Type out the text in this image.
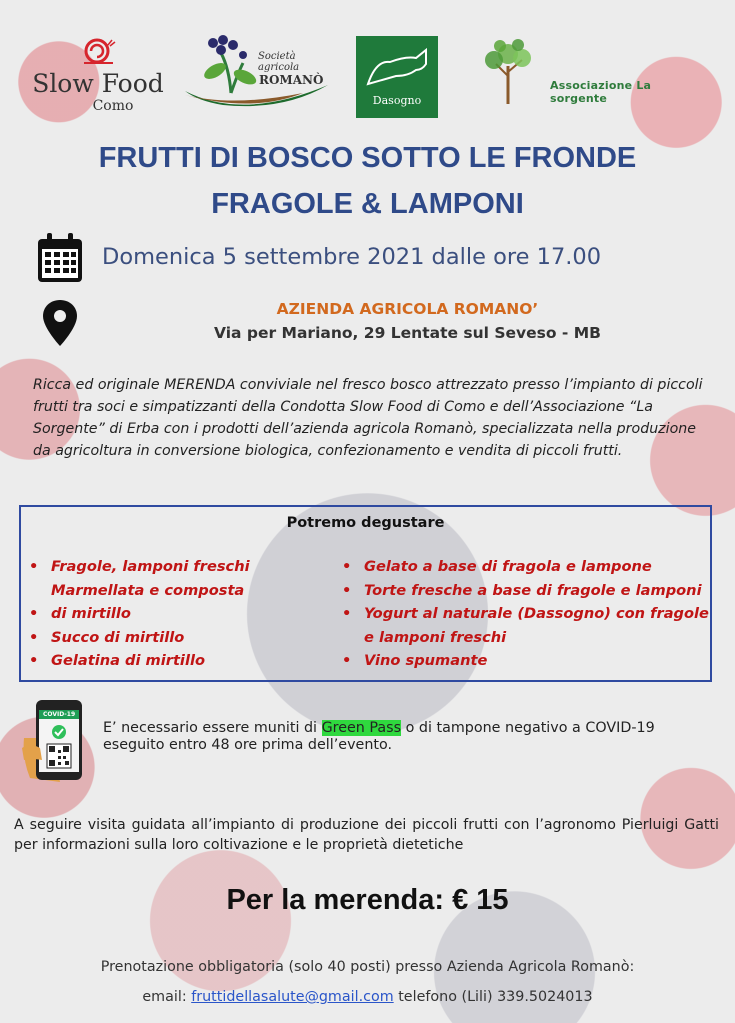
Slow Food
Como
Società agricola
ROMANÒ
Dasogno
Associazione La sorgente
FRUTTI DI BOSCO SOTTO LE FRONDE
FRAGOLE & LAMPONI
Domenica 5 settembre 2021 dalle ore 17.00
AZIENDA AGRICOLA ROMANO’
Via per Mariano, 29 Lentate sul Seveso - MB
Ricca ed originale MERENDA conviviale nel fresco bosco attrezzato presso l’impianto di piccoli frutti tra soci e simpatizzanti della Condotta Slow Food di Como e dell’Associazione “La Sorgente” di Erba con i prodotti dell’azienda agricola Romanò, specializzata nella produzione da agricoltura in conversione biologica, confezionamento e vendita di piccoli frutti.
Potremo degustare
• Fragole, lamponi freschi
Marmellata e composta
• di mirtillo
• Succo di mirtillo
• Gelatina di mirtillo
• Gelato a base di fragola e lampone
• Torte fresche a base di fragole e lamponi
• Yogurt al naturale (Dassogno) con fragole
e lamponi freschi
• Vino spumante
COVID-19
E’ necessario essere muniti di Green Pass o di tampone negativo a COVID-19 eseguito entro 48 ore prima dell’evento.
A seguire visita guidata all’impianto di produzione dei piccoli frutti con l’agronomo Pierluigi Gatti per informazioni sulla loro coltivazione e le proprietà dietetiche
Per la merenda: € 15
Prenotazione obbligatoria (solo 40 posti) presso Azienda Agricola Romanò:
email: fruttidellasalute@gmail.com telefono (Lili) 339.5024013
